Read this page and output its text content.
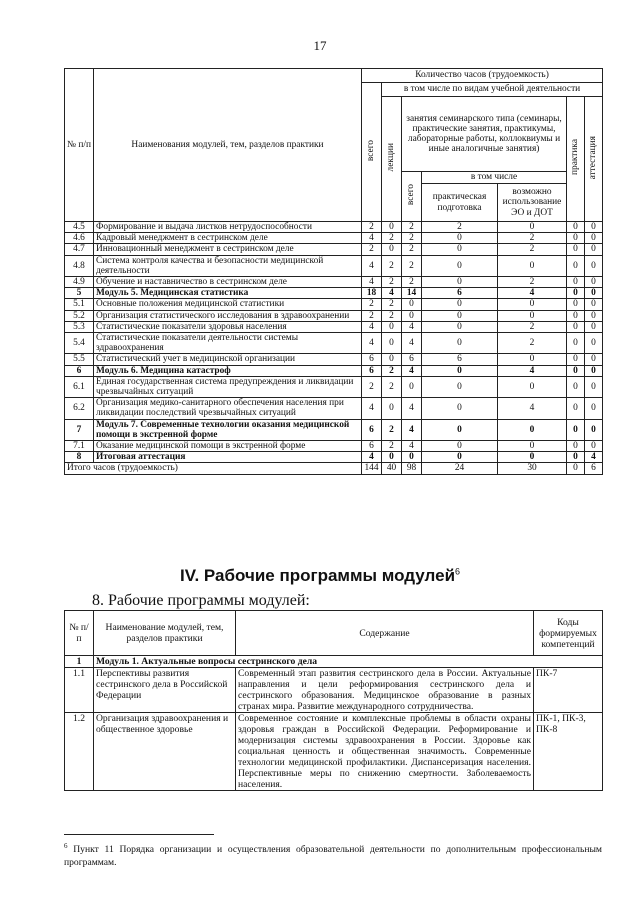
17
№ п/п	Наименования модулей, тем, разделов практики	Количество часов (трудоемкость)						
		всего	в том числе по видам учебной деятельности					
			лекции	занятия семинарского типа (семинары, практические занятия, практикумы, лабораторные работы, коллоквиумы и иные аналогичные занятия)			практика	аттестация
				всего	в том числе			
					практическая подготовка	возможно использование ЭО и ДОТ		
4.5	Формирование и выдача листков нетрудоспособности	2	0	2	2	0	0	0
4.6	Кадровый менеджмент в сестринском деле	4	2	2	0	2	0	0
4.7	Инновационный менеджмент в сестринском деле	2	0	2	0	2	0	0
4.8	Система контроля качества и безопасности медицинской деятельности	4	2	2	0	0	0	0
4.9	Обучение и наставничество в сестринском деле	4	2	2	0	2	0	0
5	Модуль 5. Медицинская статистика	18	4	14	6	4	0	0
5.1	Основные положения медицинской статистики	2	2	0	0	0	0	0
5.2	Организация статистического исследования в здравоохранении	2	2	0	0	0	0	0
5.3	Статистические показатели здоровья населения	4	0	4	0	2	0	0
5.4	Статистические показатели деятельности системы здравоохранения	4	0	4	0	2	0	0
5.5	Статистический учет в медицинской организации	6	0	6	6	0	0	0
6	Модуль 6. Медицина катастроф	6	2	4	0	4	0	0
6.1	Единая государственная система предупреждения и ликвидации чрезвычайных ситуаций	2	2	0	0	0	0	0
6.2	Организация медико-санитарного обеспечения населения при ликвидации последствий чрезвычайных ситуаций	4	0	4	0	4	0	0
7	Модуль 7. Современные технологии оказания медицинской помощи в экстренной форме	6	2	4	0	0	0	0
7.1	Оказание медицинской помощи в экстренной форме	6	2	4	0	0	0	0
8	Итоговая аттестация	4	0	0	0	0	0	4
Итого часов (трудоемкость)		144	40	98	24	30	0	6
IV. Рабочие программы модулей$^6$
8. Рабочие программы модулей:
№ п/п	Наименование модулей, тем, разделов практики	Содержание	Коды формируемых компетенций
1	Модуль 1. Актуальные вопросы сестринского дела		
1.1	Перспективы развития сестринского дела в Российской Федерации	Современный этап развития сестринского дела в России. Актуальные направления и цели реформирования сестринского дела и сестринского образования. Медицинское образование в разных странах мира. Развитие международного сотрудничества.	ПК-7
1.2	Организация здравоохранения и общественное здоровье	Современное состояние и комплексные проблемы в области охраны здоровья граждан в Российской Федерации. Реформирование и модернизация системы здравоохранения в России. Здоровье как социальная ценность и общественная значимость. Современные технологии медицинской профилактики. Диспансеризация населения. Перспективные меры по снижению смертности. Заболеваемость населения.	ПК-1, ПК-3, ПК-8
$^6$ Пункт 11 Порядка организации и осуществления образовательной деятельности по дополнительным профессиональным программам.
